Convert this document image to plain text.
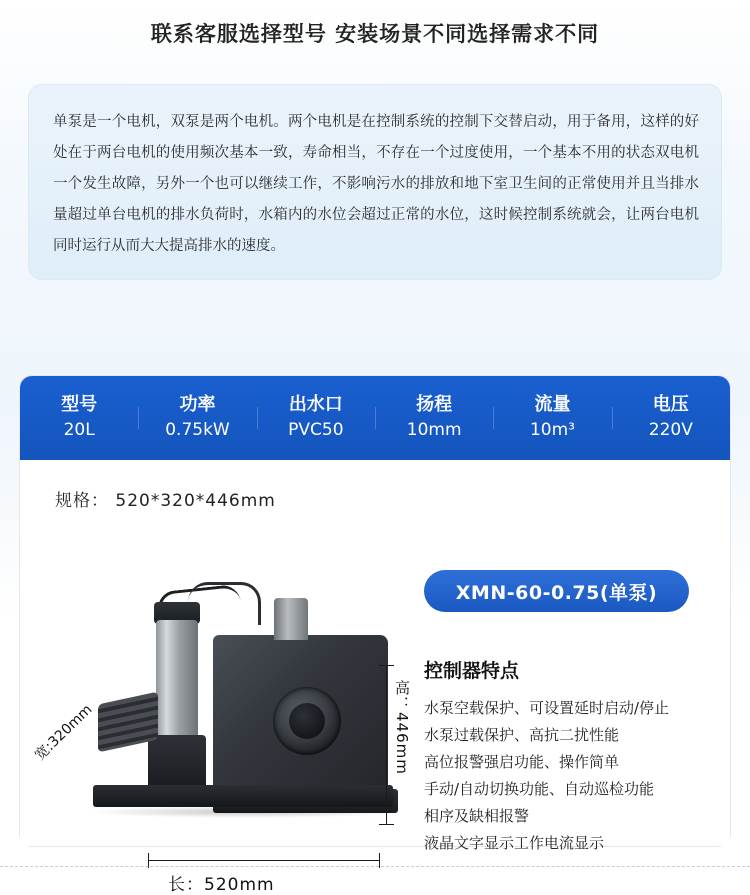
联系客服选择型号 安装场景不同选择需求不同
单泵是一个电机，双泵是两个电机。两个电机是在控制系统的控制下交替启动，用于备用，这样的好处在于两台电机的使用频次基本一致，寿命相当，不存在一个过度使用，一个基本不用的状态双电机一个发生故障，另外一个也可以继续工作，不影响污水的排放和地下室卫生间的正常使用并且当排水量超过单台电机的排水负荷时，水箱内的水位会超过正常的水位，这时候控制系统就会，让两台电机同时运行从而大大提高排水的速度。
型号
20L
功率
0.75kW
出水口
PVC50
扬程
10mm
流量
10m³
电压
220V
规格： 520*320*446mm
高：446mm
宽:320mm
长：520mm
XMN-60-0.75(单泵)
控制器特点
水泵空载保护、可设置延时启动/停止
水泵过载保护、高抗二扰性能
高位报警强启功能、操作简单
手动/自动切换功能、自动巡检功能
相序及缺相报警
液晶文字显示工作电流显示
